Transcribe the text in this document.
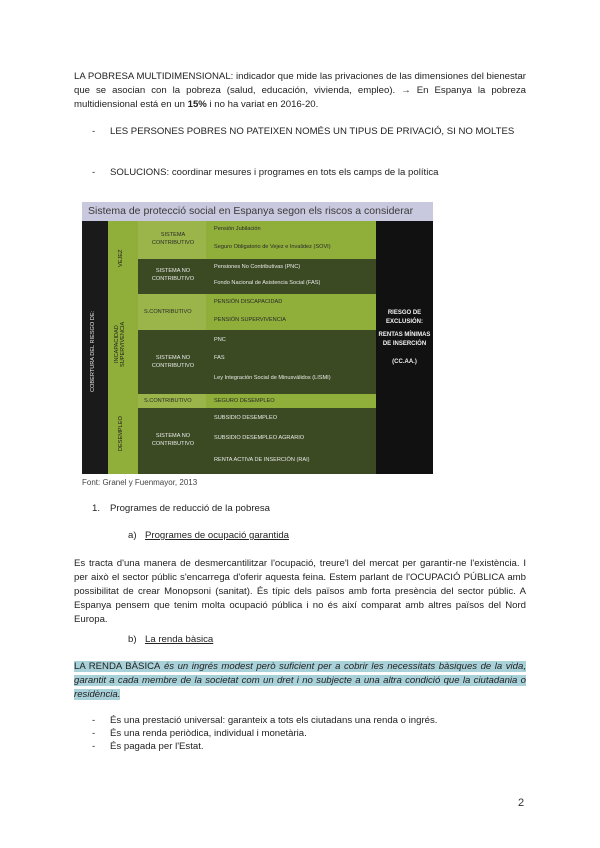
LA POBRESA MULTIDIMENSIONAL: indicador que mide las privaciones de las dimensiones del bienestar que se asocian con la pobreza (salud, educación, vivienda, empleo). → En Espanya la pobreza multidiensional está en un 15% i no ha variat en 2016-20.
- LES PERSONES POBRES NO PATEIXEN NOMÉS UN TIPUS DE PRIVACIÓ, SI NO MOLTES
- SOLUCIONS: coordinar mesures i programes en tots els camps de la política
Sistema de protecció social en Espanya segon els riscos a considerar
COBERTURA DEL RIESGO DE:
VEJEZ
INCAPACIDAD SUPERVIVENCIA
DESEMPLEO
SISTEMA CONTRIBUTIVO
SISTEMA NO CONTRIBUTIVO
S.CONTRIBUTIVO
SISTEMA NO CONTRIBUTIVO
S.CONTRIBUTIVO
SISTEMA NO CONTRIBUTIVO
Pensión Jubilación
Seguro Obligatorio de Vejez e Invalidez (SOVI)
Pensiones No Contributivas (PNC)
Fondo Nacional de Asistencia Social (FAS)
PENSIÓN DISCAPACIDAD
PENSIÓN SUPERVIVENCIA
PNC
FAS
Ley Integración Social de Minusválidos (LISMI)
SEGURO DESEMPLEO
SUBSIDIO DESEMPLEO
SUBSIDIO DESEMPLEO AGRARIO
RENTA ACTIVA DE INSERCIÓN (RAI)
RIESGO DE EXCLUSIÓN:
RENTAS MÍNIMAS DE INSERCIÓN
(CC.AA.)
Font: Granel y Fuenmayor, 2013
1. Programes de reducció de la pobresa
a) Programes de ocupació garantida
Es tracta d'una manera de desmercantilitzar l'ocupació, treure'l del mercat per garantir-ne l'existència. I per això el sector públic s'encarrega d'oferir aquesta feina. Estem parlant de l'OCUPACIÓ PÚBLICA amb possibilitat de crear Monopsoni (sanitat). És típic dels països amb forta presència del sector públic. A Espanya pensem que tenim molta ocupació pública i no és així comparat amb altres països del Nord Europa.
b) La renda bàsica
LA RENDA BÀSICA és un ingrés modest però suficient per a cobrir les necessitats bàsiques de la vida, garantit a cada membre de la societat com un dret i no subjecte a una altra condició que la ciutadania o residència.
- És una prestació universal: garanteix a tots els ciutadans una renda o ingrés.
- És una renda periòdica, individual i monetària.
- És pagada per l'Estat.
2
